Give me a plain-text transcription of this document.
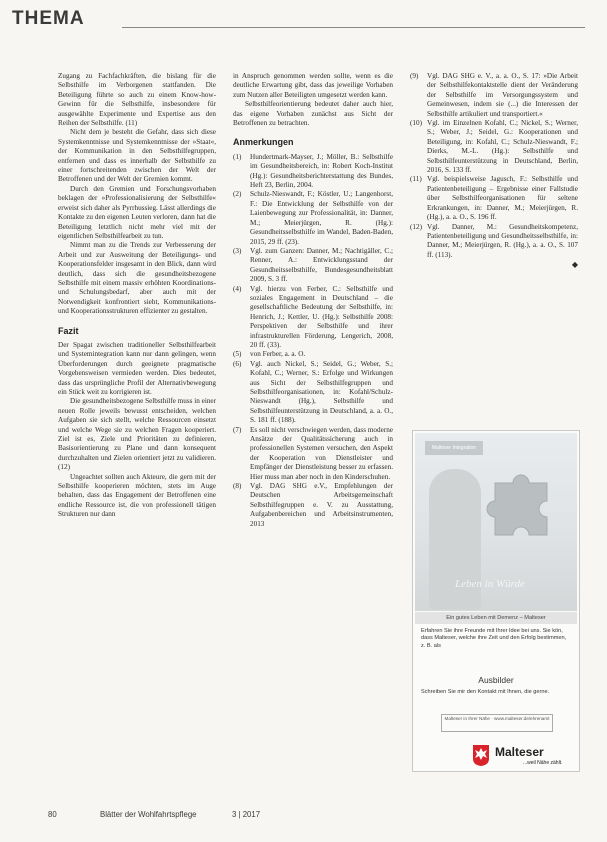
THEMA

Zugang zu Fachfachkräften, die bislang für die Selbsthilfe im Verborgenen stattfanden. Die Beteiligung führte so auch zu einem Know-how-Gewinn für die Selbsthilfe, insbesondere für ausgewählte Experimente und Expertise aus den Reihen der Selbsthilfe. (11)

Nicht dem je besteht die Gefahr, dass sich diese Systemkenntnisse und Systemkenntnisse der »Staat«, der Kommunikation in den Selbsthilfegruppen, entfernen und dass es innerhalb der Selbsthilfe zu einer fortschreitenden zwischen der Welt der Betroffenen und der Welt der Gremien kommt.

Durch den Gremien und Forschungsvorhaben beklagen der »Professionalisierung der Selbsthilfe« erweist sich daher als Pyrrhussieg. Lässt allerdings die Kontakte zu den eigenen Leuten verloren, dann hat die Beteiligung letztlich nicht mehr viel mit der eigentlichen Selbsthilfearbeit zu tun.

Nimmt man zu die Trends zur Verbesserung der Arbeit und zur Ausweitung der Beteiligungs- und Kooperationsfelder insgesamt in den Blick, dann wird deutlich, dass sich die gesundheitsbezogene Selbsthilfe mit einem massiv erhöhten Koordinations- und Schulungsbedarf, aber auch mit der Notwendigkeit konfrontiert sieht, Kommunikations- und Kooperationsstrukturen effizienter zu gestalten.

Fazit

Der Spagat zwischen traditioneller Selbsthilfearbeit und Systemintegration kann nur dann gelingen, wenn Überforderungen durch geeignete pragmatische Vorgehensweisen vermieden werden. Dies bedeutet, dass das ursprüngliche Profil der Alternativbewegung ein Stück weit zu korrigieren ist.

Die gesundheitsbezogene Selbsthilfe muss in einer neuen Rolle jeweils bewusst entscheiden, welchen Aufgaben sie sich stellt, welche Ressourcen einsetzt und welche Wege sie zu welchen Fragen kooperiert. Ziel ist es, Ziele und Prioritäten zu definieren, Basisorientierung zu Plane und dann konsequent durchzuhalten und Zielen orientiert jetzt zu validieren. (12)

Ungeachtet sollten auch Akteure, die gern mit der Selbsthilfe kooperieren möchten, stets im Auge behalten, dass das Engagement der Betroffenen eine endliche Ressource ist, die von professionell tätigen Strukturen nur dann

in Anspruch genommen werden sollte, wenn es die deutliche Erwartung gibt, dass das jeweilige Vorhaben zum Nutzen aller Beteiligten umgesetzt werden kann.

Selbsthilfeorientierung bedeutet daher auch hier, das eigene Vorhaben zunächst aus Sicht der Betroffenen zu betrachten.

Anmerkungen
(1) Hundertmark-Mayser, J.; Möller, B.: Selbsthilfe im Gesundheitsbereich, in: Robert Koch-Institut (Hg.): Gesundheitsberichterstattung des Bundes, Heft 23, Berlin, 2004.
(2) Schulz-Nieswandt, F.; Köstler, U.; Langenhorst, F.: Die Entwicklung der Selbsthilfe von der Laienbewegung zur Professionalität, in: Danner, M.; Meierjürgen, R. (Hg.): Gesundheitsselbsthilfe im Wandel, Baden-Baden, 2015, 29 ff. (23).
(3) Vgl. zum Ganzen: Danner, M.; Nachtigäller, C.; Renner, A.: Entwicklungsstand der Gesundheitsselbsthilfe, Bundesgesundheitsblatt 2009, S. 3 ff.
(4) Vgl. hierzu von Ferber, C.: Selbsthilfe und soziales Engagement in Deutschland – die gesellschaftliche Bedeutung der Selbsthilfe, in: Henrich, J.; Kettler, U. (Hg.): Selbsthilfe 2008: Perspektiven der Selbsthilfe und ihrer infrastrukturellen Förderung, Lengerich, 2008, 20 ff. (33).
(5) von Ferber, a. a. O.
(6) Vgl. auch Nickel, S.; Seidel, G.; Weber, S.; Kofahl, C.; Werner, S.: Erfolge und Wirkungen aus Sicht der Selbsthilfegruppen und Selbsthilfeorganisationen, in: Kofahl/Schulz-Nieswandt (Hg.), Selbsthilfe und Selbsthilfeunterstützung in Deutschland, a. a. O., S. 181 ff. (188).
(7) Es soll nicht verschwiegen werden, dass moderne Ansätze der Qualitätssicherung auch in professionellen Systemen versuchen, den Aspekt der Kooperation von Dienstleister und Empfänger der Dienstleistung besser zu erfassen. Hier muss man aber noch in den Kinderschuhen.
(8) Vgl. DAG SHG e.V., Empfehlungen der Deutschen Arbeitsgemeinschaft Selbsthilfegruppen e. V. zu Ausstattung, Aufgabenbereichen und Arbeitsinstrumenten, 2013
(9) Vgl. DAG SHG e. V., a. a. O., S. 17: »Die Arbeit der Selbsthilfekontaktstelle dient der Veränderung der Selbsthilfe im Versorgungssystem und Gemeinwesen, indem sie (...) die Interessen der Selbsthilfe artikuliert und transportiert.«
(10) Vgl. im Einzelnen Kofahl, C.; Nickel, S.; Werner, S.; Weber, J.; Seidel, G.: Kooperationen und Beteiligung, in: Kofahl, C.; Schulz-Nieswandt, F.; Dierks, M.-L. (Hg.): Selbsthilfe und Selbsthilfeunterstützung in Deutschland, Berlin, 2016, S. 133 ff.
(11) Vgl. beispielsweise Jagusch, F.: Selbsthilfe und Patientenbeteiligung – Ergebnisse einer Fallstudie über Selbsthilfeorganisationen für seltene Erkrankungen, in: Danner, M.; Meierjürgen, R. (Hg.), a. a. O., S. 196 ff.
(12) Vgl. Danner, M.: Gesundheitskompetenz, Patientenbeteiligung und Gesundheitsselbsthilfe, in: Danner, M.; Meierjürgen, R. (Hg.), a. a. O., S. 107 ff. (113).
◆
Malteser Integration
Leben in Würde
Ein gutes Leben mit Demenz – Malteser
Erfahren Sie ihre Freunde mit Ihrer Idee bei uns. Sie kön, dass Malteser, welche ihre Zeit und den Erfolg bestimmen, z. B. als
Ausbilder
Schreiben Sie mir den Kontakt mit Ihnen, die gerne.
Malteser in Ihrer Nähe · www.malteser.de/ehrenamt
Malteser
...weil Nähe zählt.
80	Blätter der Wohlfahrtspflege	3 | 2017
